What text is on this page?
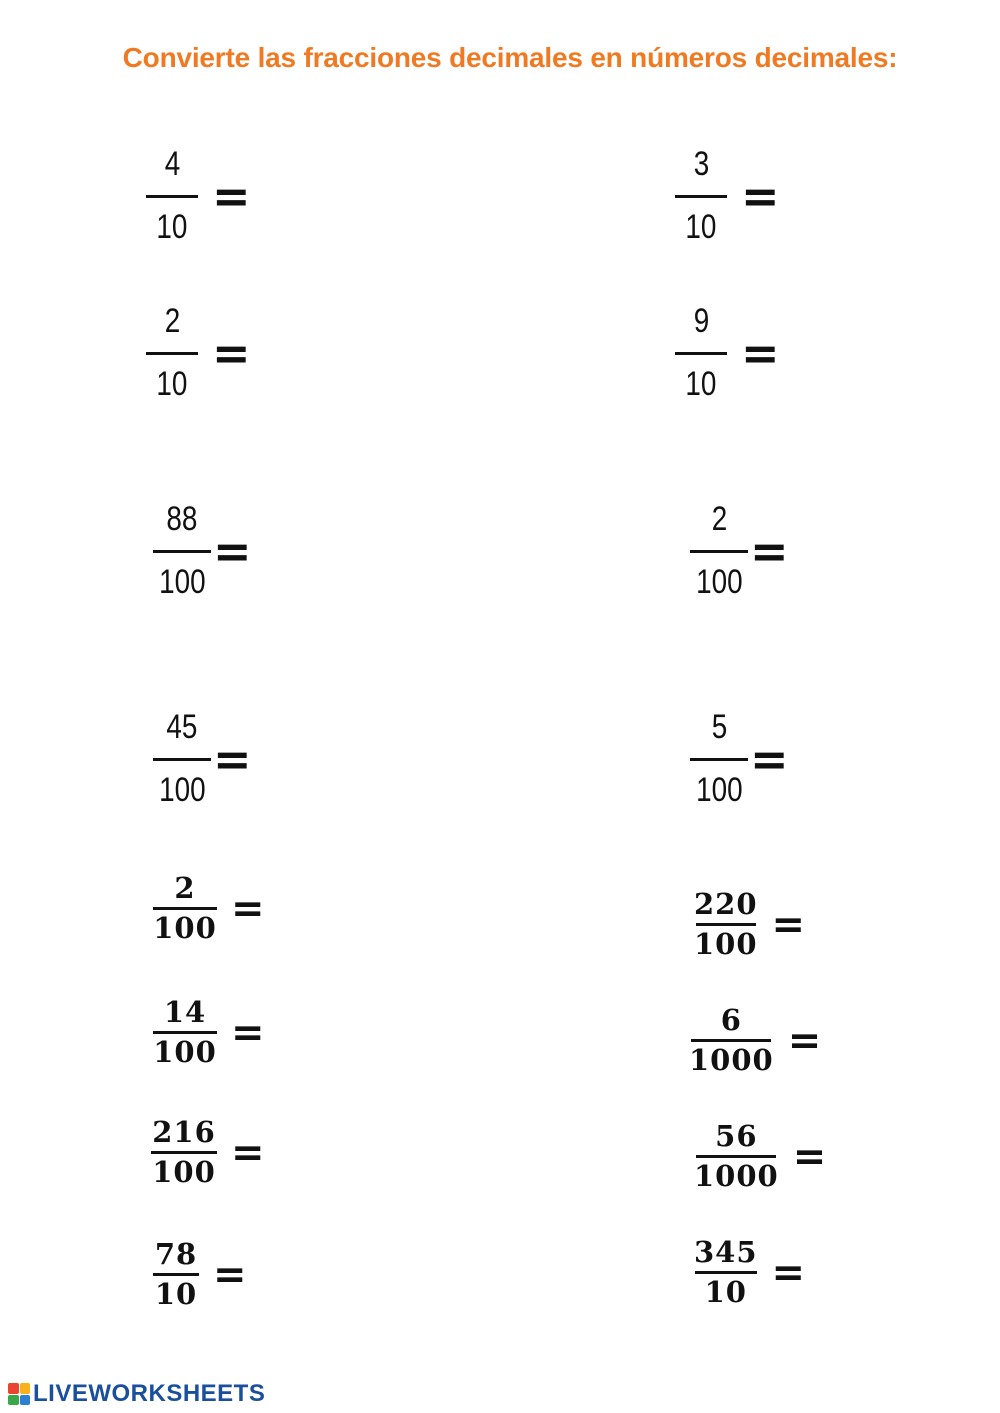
Convierte las fracciones decimales en números decimales:
$\frac{4}{10}$ =
$\frac{2}{10}$ =
$\frac{88}{100}$ =
$\frac{45}{100}$ =
$\frac{2}{100}$ =
$\frac{14}{100}$ =
$\frac{216}{100}$ =
$\frac{78}{10}$ =
$\frac{3}{10}$ =
$\frac{9}{10}$ =
$\frac{2}{100}$ =
$\frac{5}{100}$ =
$\frac{220}{100}$ =
$\frac{6}{1000}$ =
$\frac{56}{1000}$ =
$\frac{345}{10}$ =
LIVEWORKSHEETS
